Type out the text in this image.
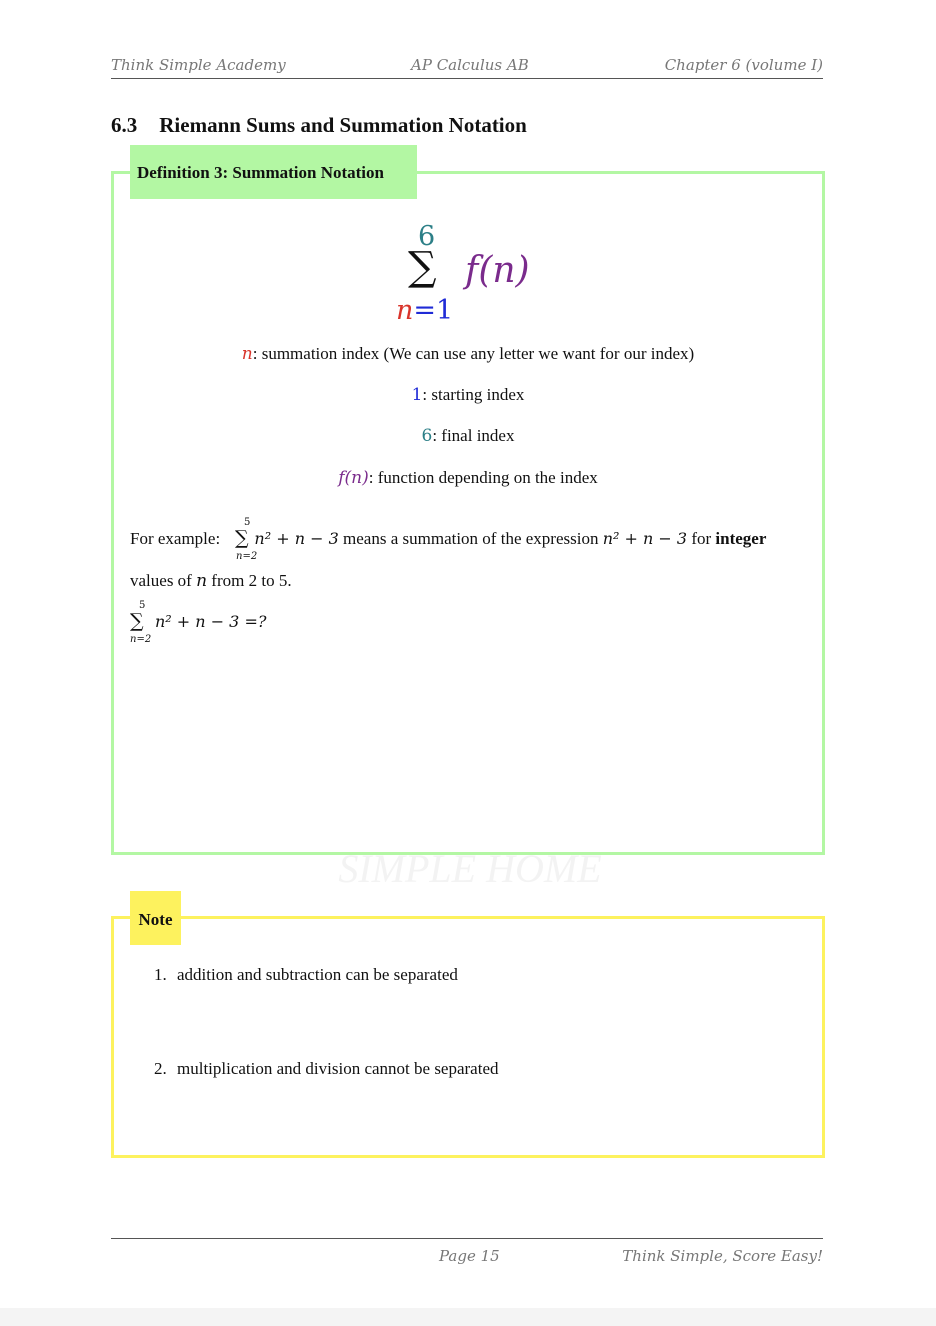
Think Simple Academy	AP Calculus AB	Chapter 6 (volume I)
6.3 Riemann Sums and Summation Notation
SIMPLE HOME
Definition 3: Summation Notation
6
∑ f(n)
n=1
n: summation index (We can use any letter we want for our index)
1: starting index
6: final index
f(n): function depending on the index
For example: n² + n − 3 means a summation of the expression n² + n − 3 for integer
5
∑
n=2
values of n from 2 to 5.
5
∑
n=2
n² + n − 3 =?
Note
1. addition and subtraction can be separated
2. multiplication and division cannot be separated
Page 15	Think Simple, Score Easy!
